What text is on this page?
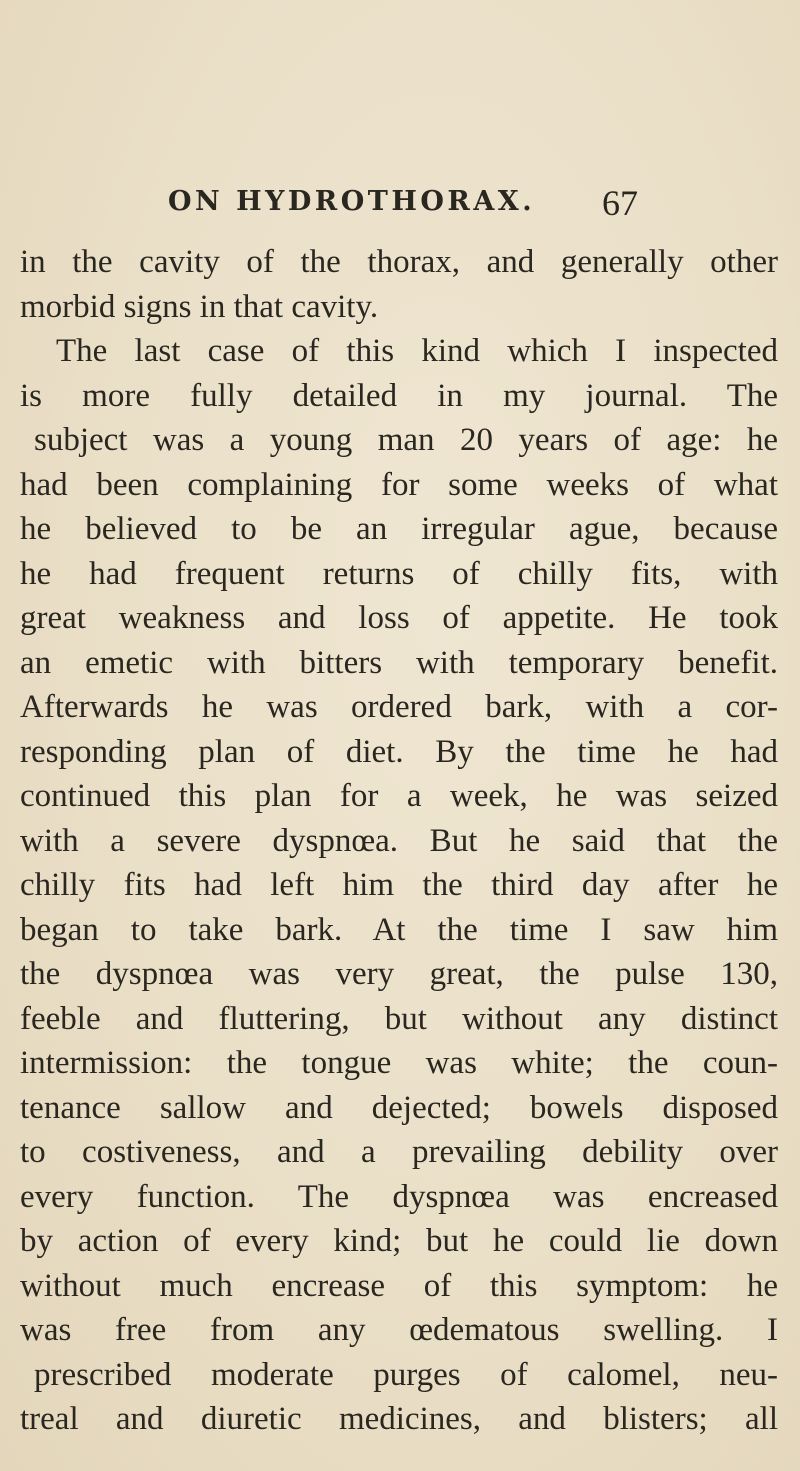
ON HYDROTHORAX. 67
in the cavity of the thorax, and generally other
morbid signs in that cavity.
The last case of this kind which I inspected
is more fully detailed in my journal. The
subject was a young man 20 years of age: he
had been complaining for some weeks of what
he believed to be an irregular ague, because
he had frequent returns of chilly fits, with
great weakness and loss of appetite. He took
an emetic with bitters with temporary benefit.
Afterwards he was ordered bark, with a cor-
responding plan of diet. By the time he had
continued this plan for a week, he was seized
with a severe dyspnœa. But he said that the
chilly fits had left him the third day after he
began to take bark. At the time I saw him
the dyspnœa was very great, the pulse 130,
feeble and fluttering, but without any distinct
intermission: the tongue was white; the coun-
tenance sallow and dejected; bowels disposed
to costiveness, and a prevailing debility over
every function. The dyspnœa was encreased
by action of every kind; but he could lie down
without much encrease of this symptom: he
was free from any œdematous swelling. I
prescribed moderate purges of calomel, neu-
treal and diuretic medicines, and blisters; all
